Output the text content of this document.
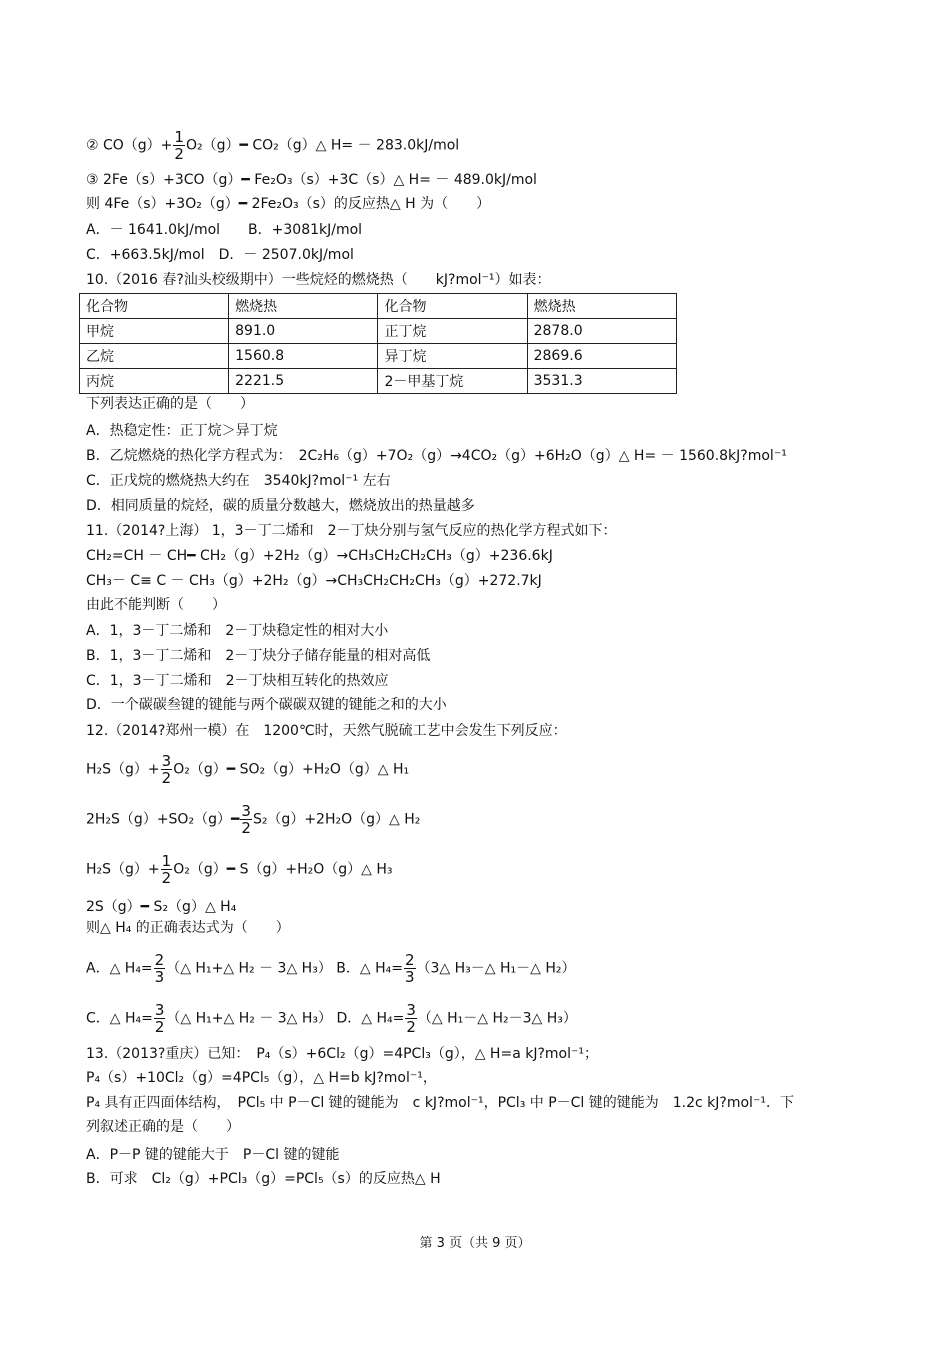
② $CO(g)+ \frac{1}{2}$ O₂（g）━ CO₂（g）△ H= － 283.0kJ/mol
③ 2Fe（s）+3CO（g）━ Fe₂O₃（s）+3C（s）△ H= － 489.0kJ/mol
则 4Fe（s）+3O₂（g）━ 2Fe₂O₃（s）的反应热△ H 为（　　）
A．－ 1641.0kJ/mol　　B．+3081kJ/mol
C．+663.5kJ/mol　D．－ 2507.0kJ/mol
10.（2016 春?汕头校级期中）一些烷烃的燃烧热（　　kJ?mol⁻¹）如表：
化合物	燃烧热	化合物	燃烧热
甲烷	891.0	正丁烷	2878.0
乙烷	1560.8	异丁烷	2869.6
丙烷	2221.5	2－甲基丁烷	3531.3
下列表达正确的是（　　）
A．热稳定性：正丁烷＞异丁烷
B．乙烷燃烧的热化学方程式为：　2C₂H₆（g）+7O₂（g）→4CO₂（g）+6H₂O（g）△ H= － 1560.8kJ?mol⁻¹
C．正戊烷的燃烧热大约在　3540kJ?mol⁻¹ 左右
D．相同质量的烷烃，碳的质量分数越大，燃烧放出的热量越多
11.（2014?上海） 1，3－丁二烯和　2－丁炔分别与氢气反应的热化学方程式如下：
CH₂=CH － CH━ CH₂（g）+2H₂（g）→CH₃CH₂CH₂CH₃（g）+236.6kJ
CH₃－ C≡ C － CH₃（g）+2H₂（g）→CH₃CH₂CH₂CH₃（g）+272.7kJ
由此不能判断（　　）
A．1，3－丁二烯和　2－丁炔稳定性的相对大小
B．1，3－丁二烯和　2－丁炔分子储存能量的相对高低
C．1，3－丁二烯和　2－丁炔相互转化的热效应
D．一个碳碳叁键的键能与两个碳碳双键的键能之和的大小
12.（2014?郑州一模）在　1200℃时，天然气脱硫工艺中会发生下列反应：
$H_2S(g)+ \frac{3}{2}$ O₂（g）━ SO₂（g）+H₂O（g）△ H₁
2H₂S（g）+SO₂（g）━ $\frac{3}{2}$ S₂（g）+2H₂O（g）△ H₂
$H_2S(g)+ \frac{1}{2}$ O₂（g）━ S（g）+H₂O（g）△ H₃
2S（g）━ S₂（g）△ H₄
则△ H₄ 的正确表达式为（　　）
A．△ $H_4= \frac{2}{3}$ （△ H₁+△ H₂ － 3△ H₃） B．△ $H_4= \frac{2}{3}$ （3△ H₃－△ H₁－△ H₂）
C．△ $H_4= \frac{3}{2}$ （△ H₁+△ H₂ － 3△ H₃） D．△ $H_4= \frac{3}{2}$ （△ H₁－△ H₂－3△ H₃）
13.（2013?重庆）已知：　P₄（s）+6Cl₂（g）=4PCl₃（g），△ H=a kJ?mol⁻¹；
P₄（s）+10Cl₂（g）=4PCl₅（g），△ H=b kJ?mol⁻¹，
P₄ 具有正四面体结构，　PCl₅ 中 P－Cl 键的键能为　c kJ?mol⁻¹，PCl₃ 中 P－Cl 键的键能为　1.2c kJ?mol⁻¹．下
列叙述正确的是（　　）
A．P－P 键的键能大于　P－Cl 键的键能
B．可求　Cl₂（g）+PCl₃（g）=PCl₅（s）的反应热△ H
第 3 页（共 9 页）
